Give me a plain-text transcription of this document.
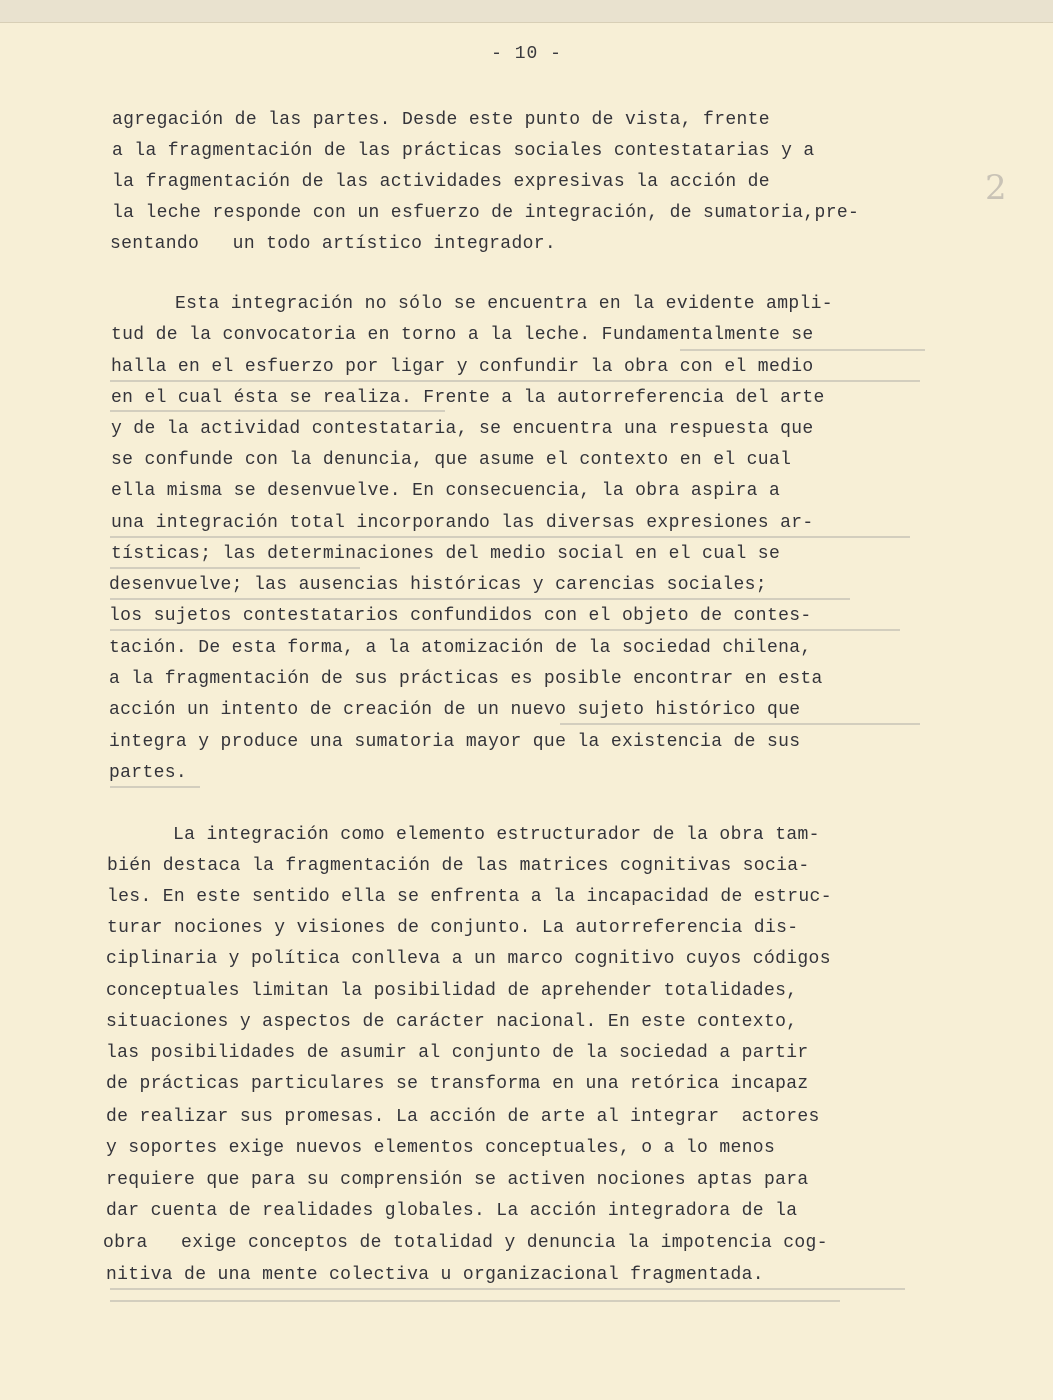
- 10 -
2
agregación de las partes. Desde este punto de vista, frente
a la fragmentación de las prácticas sociales contestatarias y a
la fragmentación de las actividades expresivas la acción de
la leche responde con un esfuerzo de integración, de sumatoria,pre-
sentando   un todo artístico integrador.
Esta integración no sólo se encuentra en la evidente ampli-
tud de la convocatoria en torno a la leche. Fundamentalmente se
halla en el esfuerzo por ligar y confundir la obra con el medio
en el cual ésta se realiza. Frente a la autorreferencia del arte
y de la actividad contestataria, se encuentra una respuesta que
se confunde con la denuncia, que asume el contexto en el cual
ella misma se desenvuelve. En consecuencia, la obra aspira a
una integración total incorporando las diversas expresiones ar-
tísticas; las determinaciones del medio social en el cual se
desenvuelve; las ausencias históricas y carencias sociales;
los sujetos contestatarios confundidos con el objeto de contes-
tación. De esta forma, a la atomización de la sociedad chilena,
a la fragmentación de sus prácticas es posible encontrar en esta
acción un intento de creación de un nuevo sujeto histórico que
integra y produce una sumatoria mayor que la existencia de sus
partes.
La integración como elemento estructurador de la obra tam-
bién destaca la fragmentación de las matrices cognitivas socia-
les. En este sentido ella se enfrenta a la incapacidad de estruc-
turar nociones y visiones de conjunto. La autorreferencia dis-
ciplinaria y política conlleva a un marco cognitivo cuyos códigos
conceptuales limitan la posibilidad de aprehender totalidades,
situaciones y aspectos de carácter nacional. En este contexto,
las posibilidades de asumir al conjunto de la sociedad a partir
de prácticas particulares se transforma en una retórica incapaz
de realizar sus promesas. La acción de arte al integrar  actores
y soportes exige nuevos elementos conceptuales, o a lo menos
requiere que para su comprensión se activen nociones aptas para
dar cuenta de realidades globales. La acción integradora de la
obra   exige conceptos de totalidad y denuncia la impotencia cog-
nitiva de una mente colectiva u organizacional fragmentada.
